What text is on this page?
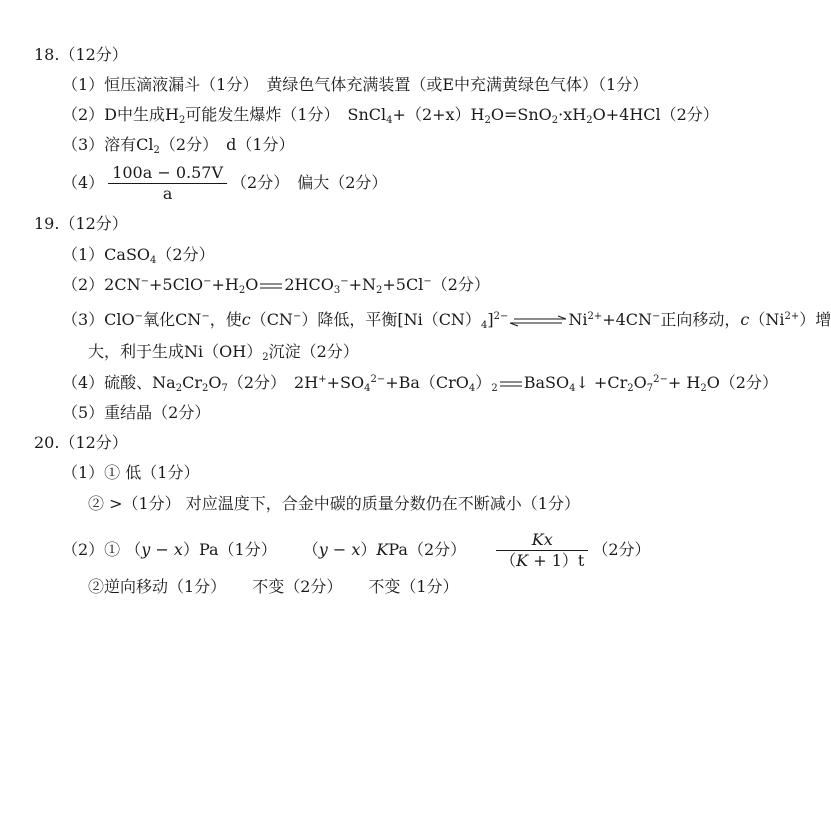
18.（12分）
（1）恒压滴液漏斗（1分）　黄绿色气体充满装置（或E中充满黄绿色气体）（1分）
（2）D中生成$H_2$可能发生爆炸（1分）　$SnCl_4+(2+x)H_2O=SnO_2\cdot xH_2O+4HCl(2$分）
（3）溶有$Cl_2(2$分）　d（1分）
$(4) \frac{100a - 0.57V}{a} (2$分）　偏大（2分）
19.（12分）
（1）CaSO$_4$（2分）
$(2)2CN^-+5ClO^-+H_2O$ $2HCO_3^-+N_2+5Cl^-(2$分）
（3）ClO−氧化CN−，使c（CN−）降低，平衡$[Ni(CN)_4]^{2-}\rightleftharpoons Ni^{2+}+4CN^-$正向移动，$c(Ni^{2+})$增
大，利于生成$Ni(OH)_2$沉淀（2分）
（4）硫酸、$Na_2Cr_2O_7(2$分）　$2H^++SO_4^{2-}+Ba(CrO_4)_2$ BaSO$_4$↓ $+Cr_2O_7^{2-}+ H_2O(2$分）
（5）重结晶（2分）
20.（12分）
（1）① 低（1分）
② >（1分） 对应温度下，合金中碳的质量分数仍在不断减小（1分）
（2）① （y − x）Pa（1分） （y − x）KPa（2分） $\frac{Kx}{(K + 1)t} (2$分）
②逆向移动（1分） 不变（2分） 不变（1分）
